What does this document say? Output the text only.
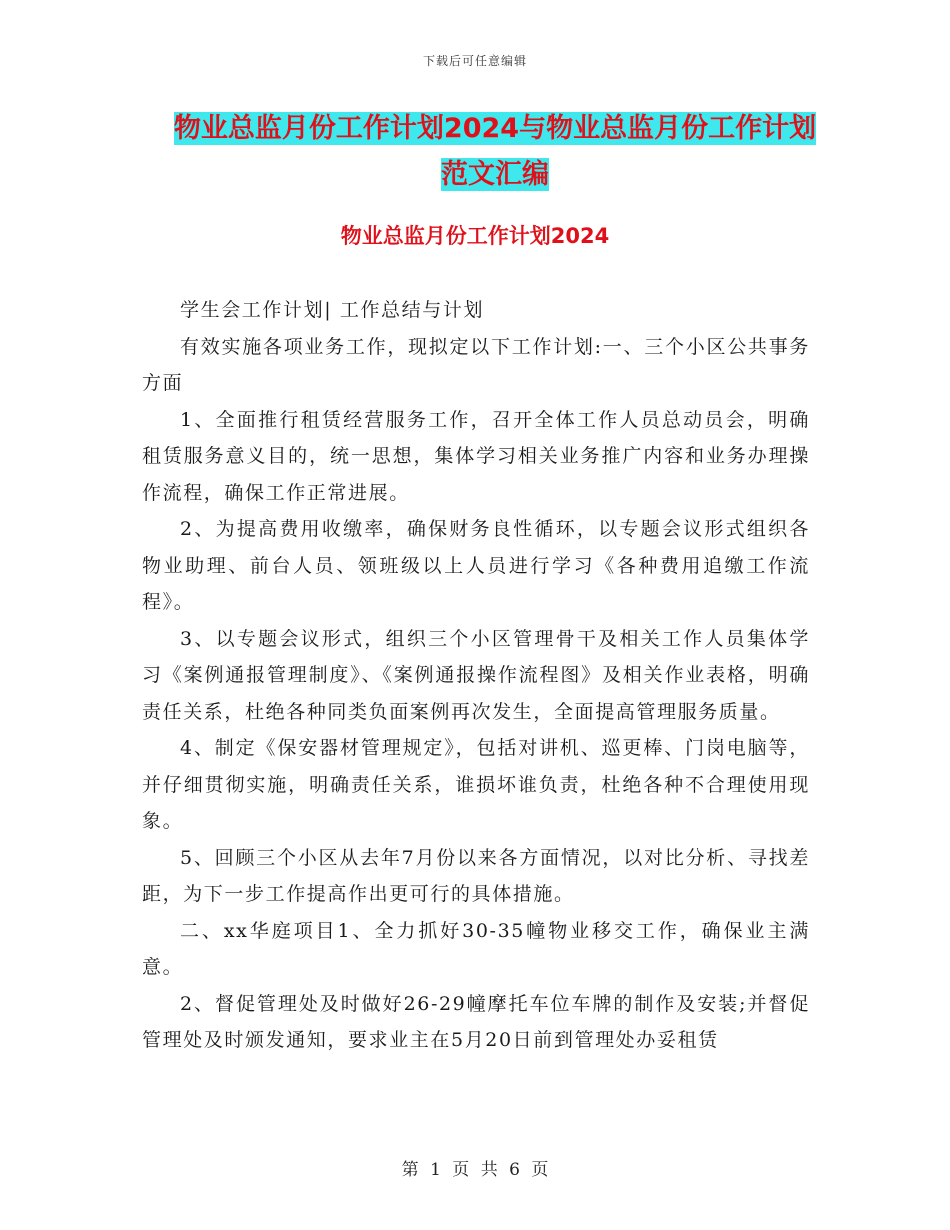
下载后可任意编辑
物业总监月份工作计划2024与物业总监月份工作计划
范文汇编
物业总监月份工作计划2024

学生会工作计划| 工作总结与计划

有效实施各项业务工作，现拟定以下工作计划:一、三个小区公共事务方面

1、全面推行租赁经营服务工作，召开全体工作人员总动员会，明确租赁服务意义目的，统一思想，集体学习相关业务推广内容和业务办理操作流程，确保工作正常进展。

2、为提高费用收缴率，确保财务良性循环，以专题会议形式组织各物业助理、前台人员、领班级以上人员进行学习《各种费用追缴工作流程》。

3、以专题会议形式，组织三个小区管理骨干及相关工作人员集体学习《案例通报管理制度》、《案例通报操作流程图》及相关作业表格，明确责任关系，杜绝各种同类负面案例再次发生，全面提高管理服务质量。

4、制定《保安器材管理规定》，包括对讲机、巡更棒、门岗电脑等，并仔细贯彻实施，明确责任关系，谁损坏谁负责，杜绝各种不合理使用现象。

5、回顾三个小区从去年7月份以来各方面情况，以对比分析、寻找差距，为下一步工作提高作出更可行的具体措施。

二、xx华庭项目1、全力抓好30-35幢物业移交工作，确保业主满意。

2、督促管理处及时做好26-29幢摩托车位车牌的制作及安装;并督促管理处及时颁发通知，要求业主在5月20日前到管理处办妥租赁

第 1 页 共 6 页
